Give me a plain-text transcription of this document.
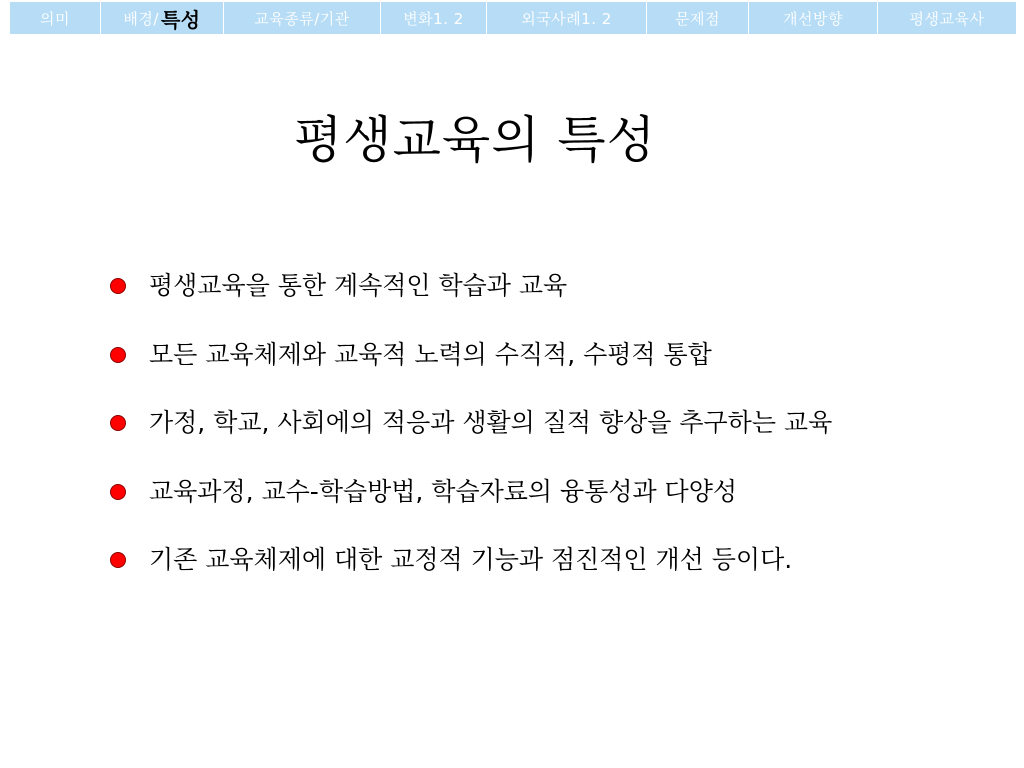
의미	배경/ 특성	교육종류/기관	변화1. 2	외국사례1. 2	문제점	개선방향	평생교육사
평생교육의 특성
평생교육을 통한 계속적인 학습과 교육
모든 교육체제와 교육적 노력의 수직적, 수평적 통합
가정, 학교, 사회에의 적응과 생활의 질적 향상을 추구하는 교육
교육과정, 교수-학습방법, 학습자료의 융통성과 다양성
기존 교육체제에 대한 교정적 기능과 점진적인 개선 등이다.
